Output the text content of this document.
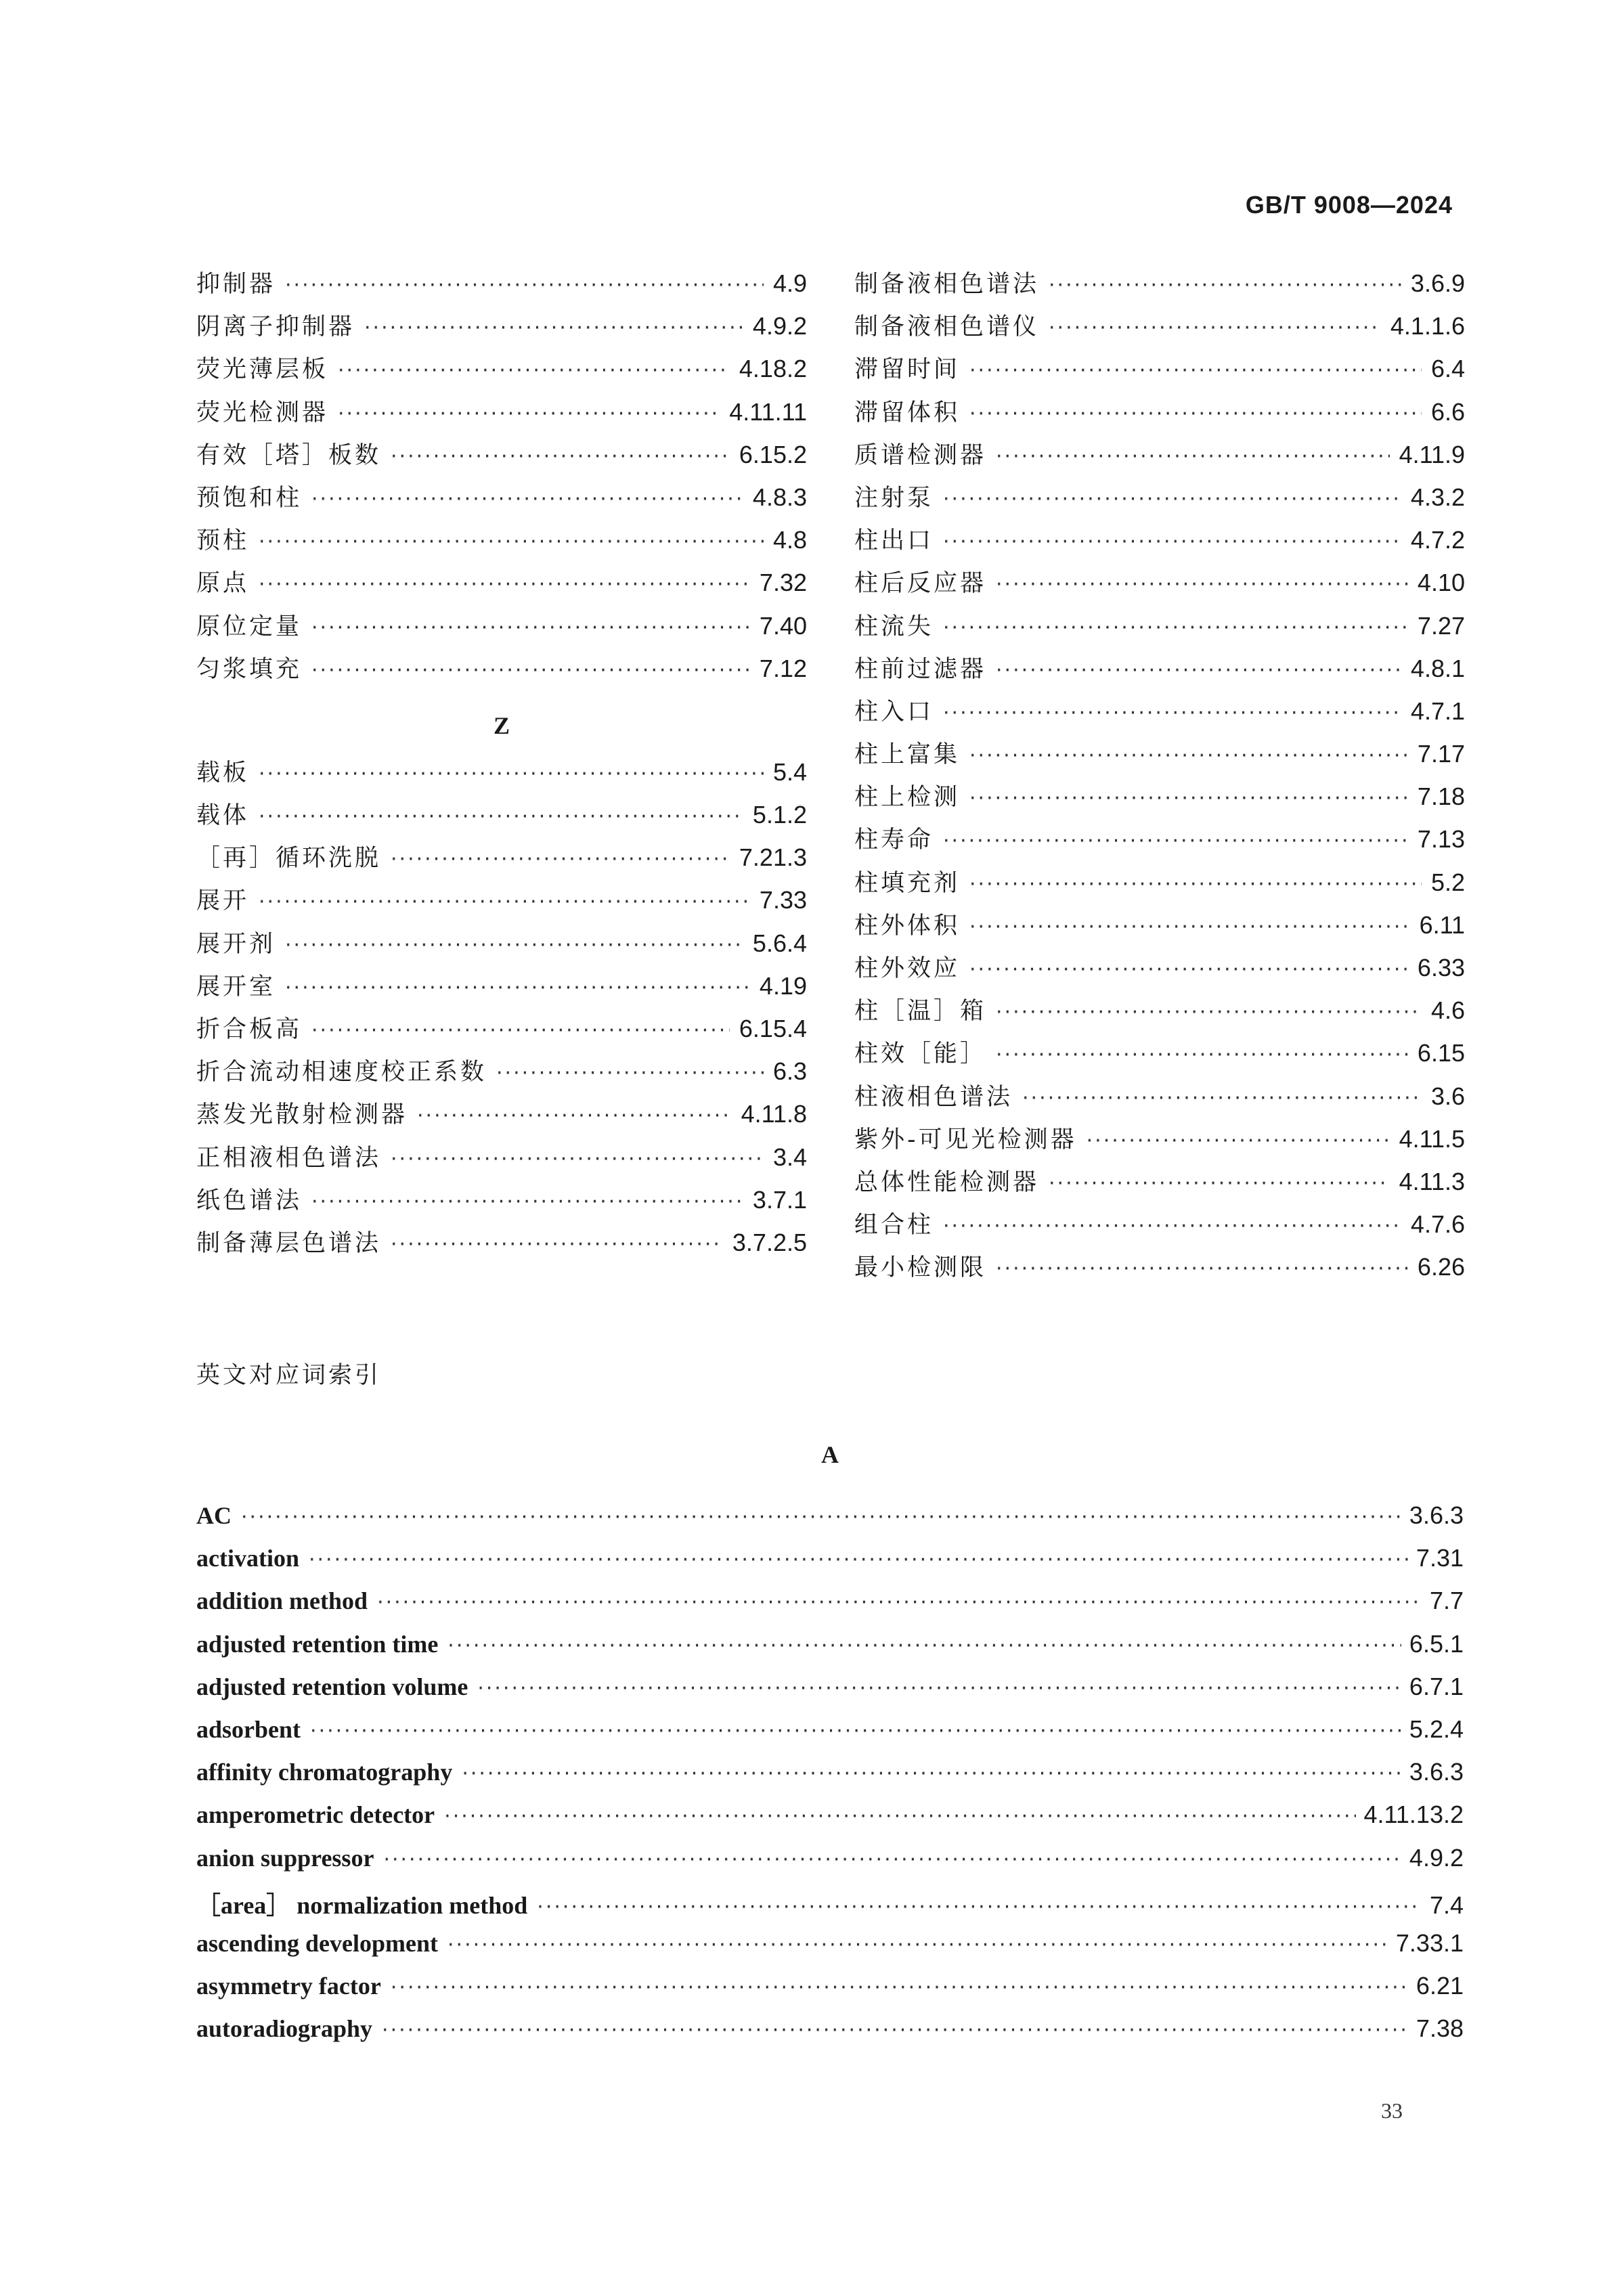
GB/T 9008—2024
抑制器 ·····	4.9
阴离子抑制器 ·····	4.9.2
荧光薄层板 ·····	4.18.2
荧光检测器 ·····	4.11.11
有效［塔］板数 ·····	6.15.2
预饱和柱 ·····	4.8.3
预柱 ·····	4.8
原点 ·····	7.32
原位定量 ·····	7.40
匀浆填充 ·····	7.12
Z
载板 ·····	5.4
载体 ·····	5.1.2
［再］循环洗脱 ·····	7.21.3
展开 ·····	7.33
展开剂 ·····	5.6.4
展开室 ·····	4.19
折合板高 ·····	6.15.4
折合流动相速度校正系数 ·····	6.3
蒸发光散射检测器 ·····	4.11.8
正相液相色谱法 ·····	3.4
纸色谱法 ·····	3.7.1
制备薄层色谱法 ·····	3.7.2.5
制备液相色谱法 ·····	3.6.9
制备液相色谱仪 ·····	4.1.1.6
滞留时间 ·····	6.4
滞留体积 ·····	6.6
质谱检测器 ·····	4.11.9
注射泵 ·····	4.3.2
柱出口 ·····	4.7.2
柱后反应器 ·····	4.10
柱流失 ·····	7.27
柱前过滤器 ·····	4.8.1
柱入口 ·····	4.7.1
柱上富集 ·····	7.17
柱上检测 ·····	7.18
柱寿命 ·····	7.13
柱填充剂 ·····	5.2
柱外体积 ·····	6.11
柱外效应 ·····	6.33
柱［温］箱 ·····	4.6
柱效［能］ ·····	6.15
柱液相色谱法 ·····	3.6
紫外-可见光检测器 ·····	4.11.5
总体性能检测器 ·····	4.11.3
组合柱 ·····	4.7.6
最小检测限 ·····	6.26
英文对应词索引
A
AC ·····	3.6.3
activation ·····	7.31
addition method ·····	7.7
adjusted retention time ·····	6.5.1
adjusted retention volume ·····	6.7.1
adsorbent ·····	5.2.4
affinity chromatography ·····	3.6.3
amperometric detector ·····	4.11.13.2
anion suppressor ·····	4.9.2
［area］ normalization method ·····	7.4
ascending development ·····	7.33.1
asymmetry factor ·····	6.21
autoradiography ·····	7.38
33
